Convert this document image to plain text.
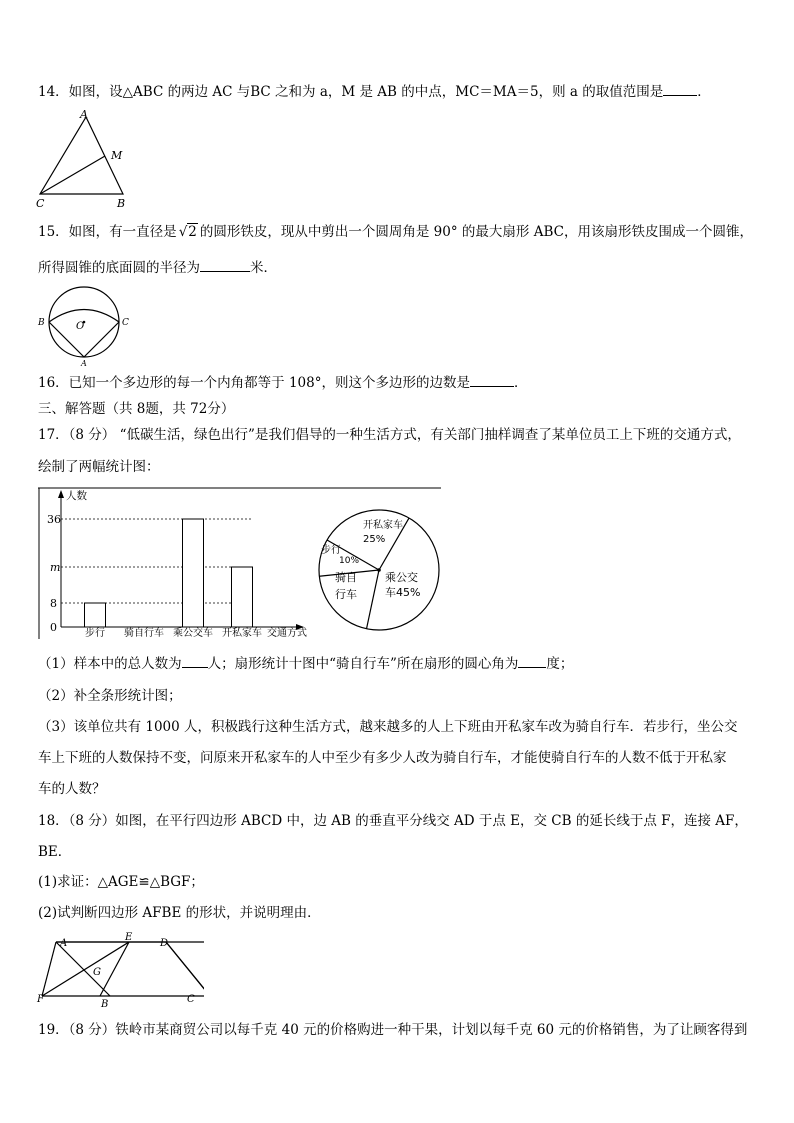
14．如图，设△ABC 的两边 AC 与BC 之和为 a，M 是 AB 的中点，MC＝MA＝5，则 a 的取值范围是	．
A
M
C	B
15．如图，有一直径是 √2 的圆形铁皮，现从中剪出一个圆周角是 90° 的最大扇形 ABC，用该扇形铁皮围成一个圆锥，
所得圆锥的底面圆的半径为	米．
B	C
O
A
16．已知一个多边形的每一个内角都等于 108°，则这个多边形的边数是	．
三、解答题（共 8题，共 72分）
17．（8 分） “低碳生活，绿色出行”是我们倡导的一种生活方式，有关部门抽样调查了某单位员工上下班的交通方式，
绘制了两幅统计图：
人数
交通方式
0
8
m
36
步行 骑自行车 乘公交车 开私家车
开私家车
25%
乘公交
车45%
骑自
行车
步行
10%
（1）样本中的总人数为 人；扇形统计十图中“骑自行车”所在扇形的圆心角为 度；
（2）补全条形统计图；
（3）该单位共有 1000 人，积极践行这种生活方式，越来越多的人上下班由开私家车改为骑自行车．若步行，坐公交
车上下班的人数保持不变，问原来开私家车的人中至少有多少人改为骑自行车，才能使骑自行车的人数不低于开私家
车的人数？
18．（8 分）如图，在平行四边形 ABCD 中，边 AB 的垂直平分线交 AD 于点 E，交 CB 的延长线于点 F，连接 AF，
BE．
(1)求证：△AGE≌△BGF；
(2)试判断四边形 AFBE 的形状，并说明理由．
A
E
D
G
F	B	C
19．（8 分）铁岭市某商贸公司以每千克 40 元的价格购进一种干果，计划以每千克 60 元的价格销售，为了让顾客得到
